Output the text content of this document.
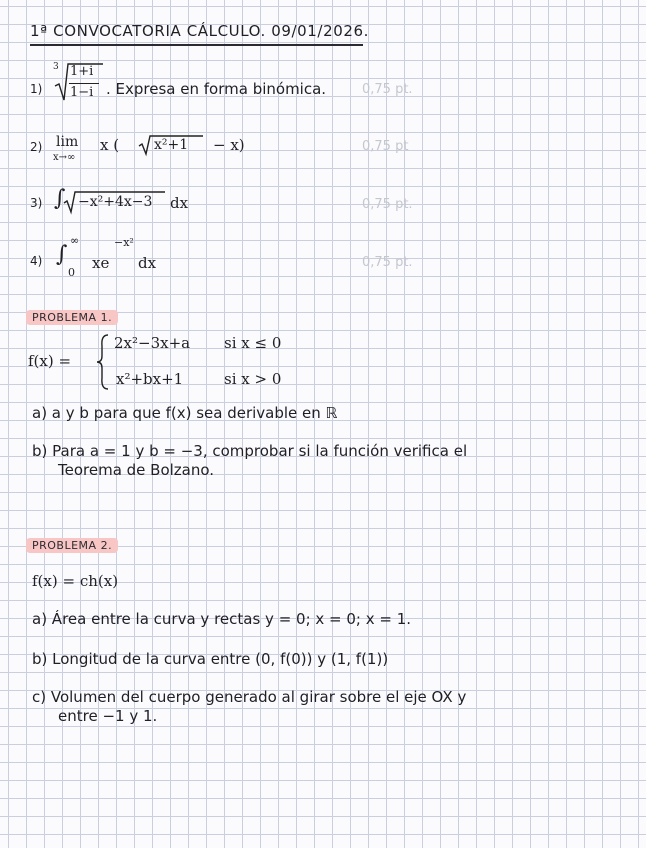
1ª CONVOCATORIA CÁLCULO. 09/01/2026.
1)
3 1+i
1−i . Expresa en forma binómica.	0,75 pt.
2) lim
x→∞
x ( x²+1 − x)	0,75 pt
3) ∫ −x²+4x−3 dx	0,75 pt.
4) ∫
∞
0
xe
−x²
dx	0,75 pt.
PROBLEMA 1.
f(x) =
2x²−3x+a si x ≤ 0
x²+bx+1	si x > 0
a) a y b para que f(x) sea derivable en ℝ
b) Para a = 1 y b = −3, comprobar si la función verifica el
Teorema de Bolzano.
PROBLEMA 2.
f(x) = ch(x)
a) Área entre la curva y rectas y = 0; x = 0; x = 1.
b) Longitud de la curva entre (0, f(0)) y (1, f(1))
c) Volumen del cuerpo generado al girar sobre el eje OX y
entre −1 y 1.
